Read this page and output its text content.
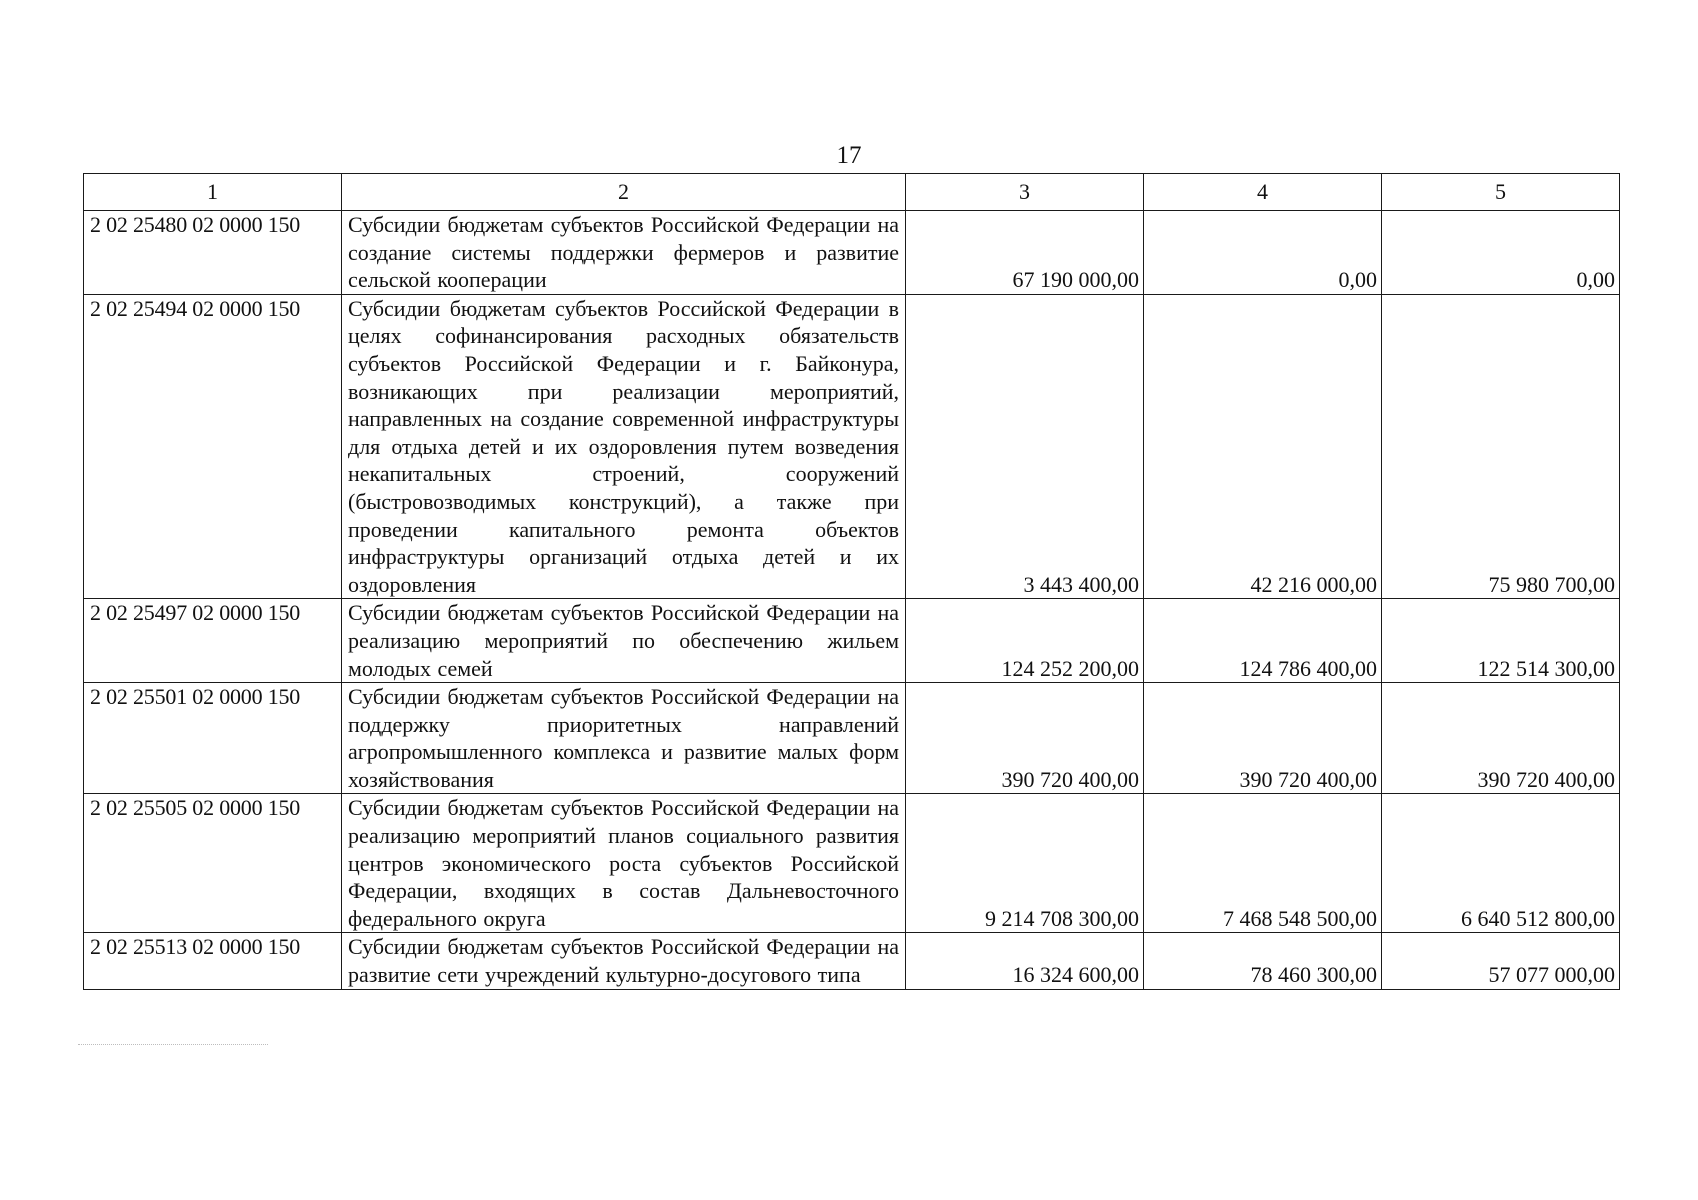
17
1	2	3	4	5
2 02 25480 02 0000 150	Субсидии бюджетам субъектов Российской Федерации на создание системы поддержки фермеров и развитие сельской кооперации	67 190 000,00	0,00	0,00
2 02 25494 02 0000 150	Субсидии бюджетам субъектов Российской Федерации в целях софинансирования расходных обязательств субъектов Российской Федерации и г. Байконура, возникающих при реализации мероприятий, направленных на создание современной инфраструктуры для отдыха детей и их оздоровления путем возведения некапитальных строений, сооружений (быстровозводимых конструкций), а также при проведении капитального ремонта объектов инфраструктуры организаций отдыха детей и их оздоровления	3 443 400,00	42 216 000,00	75 980 700,00
2 02 25497 02 0000 150	Субсидии бюджетам субъектов Российской Федерации на реализацию мероприятий по обеспечению жильем молодых семей	124 252 200,00	124 786 400,00	122 514 300,00
2 02 25501 02 0000 150	Субсидии бюджетам субъектов Российской Федерации на поддержку приоритетных направлений агропромышленного комплекса и развитие малых форм хозяйствования	390 720 400,00	390 720 400,00	390 720 400,00
2 02 25505 02 0000 150	Субсидии бюджетам субъектов Российской Федерации на реализацию мероприятий планов социального развития центров экономического роста субъектов Российской Федерации, входящих в состав Дальневосточного федерального округа	9 214 708 300,00	7 468 548 500,00	6 640 512 800,00
2 02 25513 02 0000 150	Субсидии бюджетам субъектов Российской Федерации на развитие сети учреждений культурно-досугового типа	16 324 600,00	78 460 300,00	57 077 000,00
